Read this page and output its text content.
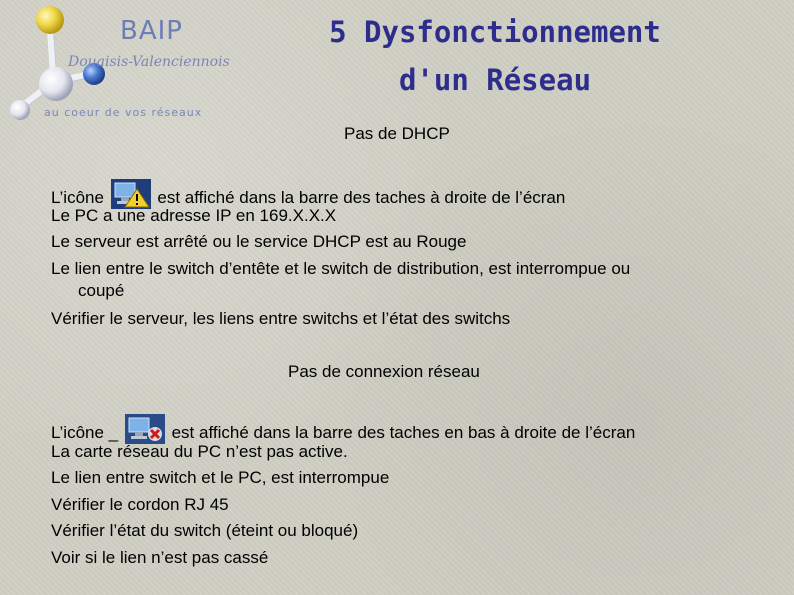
BAIP
Douaisis-Valenciennois
au coeur de vos réseaux
5 Dysfonctionnement
d'un Réseau
Pas de DHCP
L’icône	est affiché dans la barre des taches à droite de l’écran
Le PC a une adresse IP en 169.X.X.X
Le serveur est arrêté ou le service DHCP est au Rouge
Le lien entre le switch d’entête et le switch de distribution, est interrompue ou
coupé
Vérifier le serveur, les liens entre switchs et l’état des switchs
Pas de connexion réseau
L’icône _	est affiché dans la barre des taches en bas à droite de l’écran
La carte réseau du PC n’est pas active.
Le lien entre switch et le PC, est interrompue
Vérifier le cordon RJ 45
Vérifier l’état du switch (éteint ou bloqué)
Voir si le lien n’est pas cassé
